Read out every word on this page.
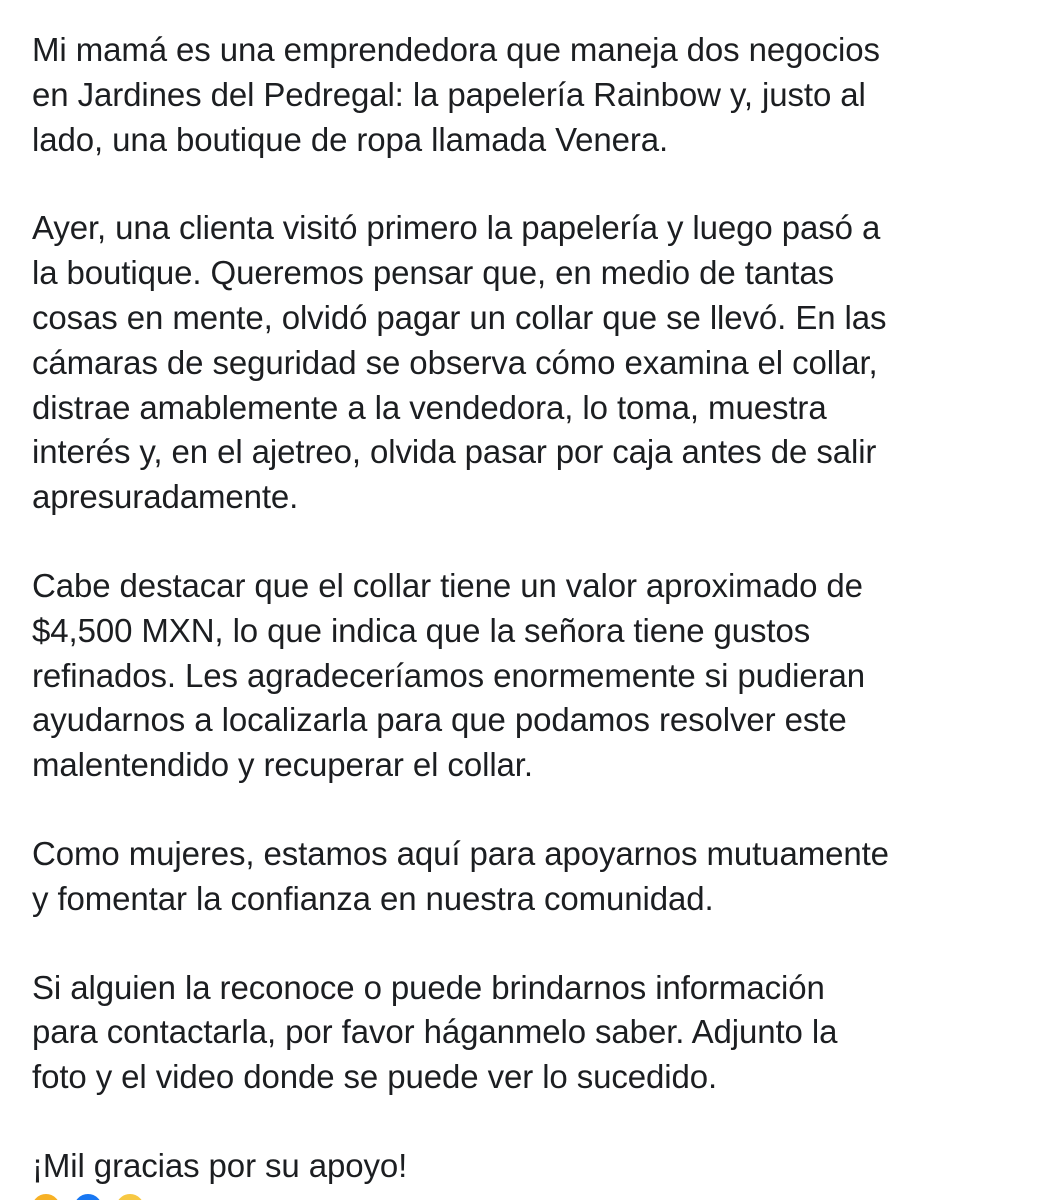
Mi mamá es una emprendedora que maneja dos negocios
en Jardines del Pedregal: la papelería Rainbow y, justo al
lado, una boutique de ropa llamada Venera.

Ayer, una clienta visitó primero la papelería y luego pasó a
la boutique. Queremos pensar que, en medio de tantas
cosas en mente, olvidó pagar un collar que se llevó. En las
cámaras de seguridad se observa cómo examina el collar,
distrae amablemente a la vendedora, lo toma, muestra
interés y, en el ajetreo, olvida pasar por caja antes de salir
apresuradamente.

Cabe destacar que el collar tiene un valor aproximado de
$4,500 MXN, lo que indica que la señora tiene gustos
refinados. Les agradeceríamos enormemente si pudieran
ayudarnos a localizarla para que podamos resolver este
malentendido y recuperar el collar.

Como mujeres, estamos aquí para apoyarnos mutuamente
y fomentar la confianza en nuestra comunidad.

Si alguien la reconoce o puede brindarnos información
para contactarla, por favor háganmelo saber. Adjunto la
foto y el video donde se puede ver lo sucedido.

¡Mil gracias por su apoyo!
